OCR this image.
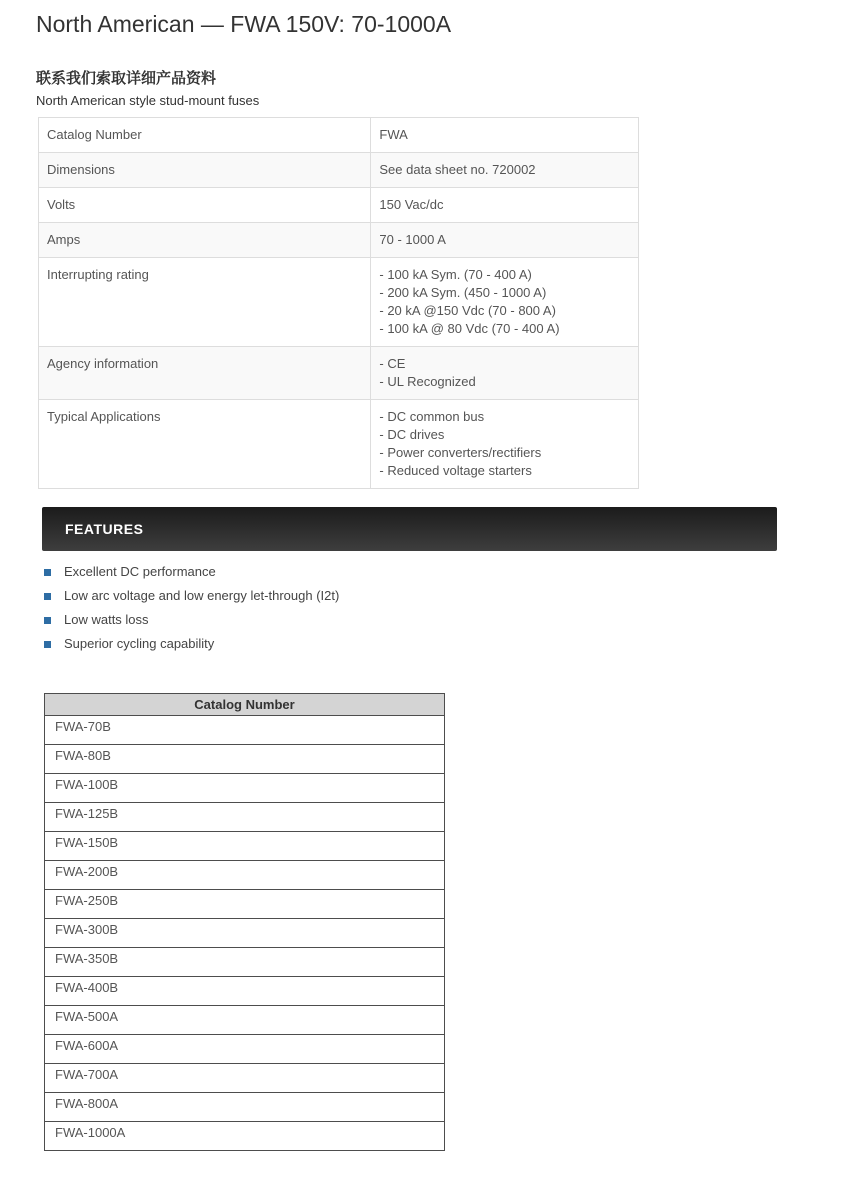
North American — FWA 150V: 70-1000A
联系我们索取详细产品资料

North American style stud-mount fuses

Catalog Number	FWA

Dimensions	See data sheet no. 720002

Volts	150 Vac/dc

Amps	70 - 1000 A

Interrupting rating	- 100 kA Sym. (70 - 400 A)
- 200 kA Sym. (450 - 1000 A)
- 20 kA @150 Vdc (70 - 800 A)
- 100 kA @ 80 Vdc (70 - 400 A)

Agency information	- CE
- UL Recognized

Typical Applications	- DC common bus
- DC drives
- Power converters/rectifiers
- Reduced voltage starters
FEATURES
Excellent DC performance
Low arc voltage and low energy let-through (I2t)
Low watts loss
Superior cycling capability
Catalog Number
FWA-70B
FWA-80B
FWA-100B
FWA-125B
FWA-150B
FWA-200B
FWA-250B
FWA-300B
FWA-350B
FWA-400B
FWA-500A
FWA-600A
FWA-700A
FWA-800A
FWA-1000A
